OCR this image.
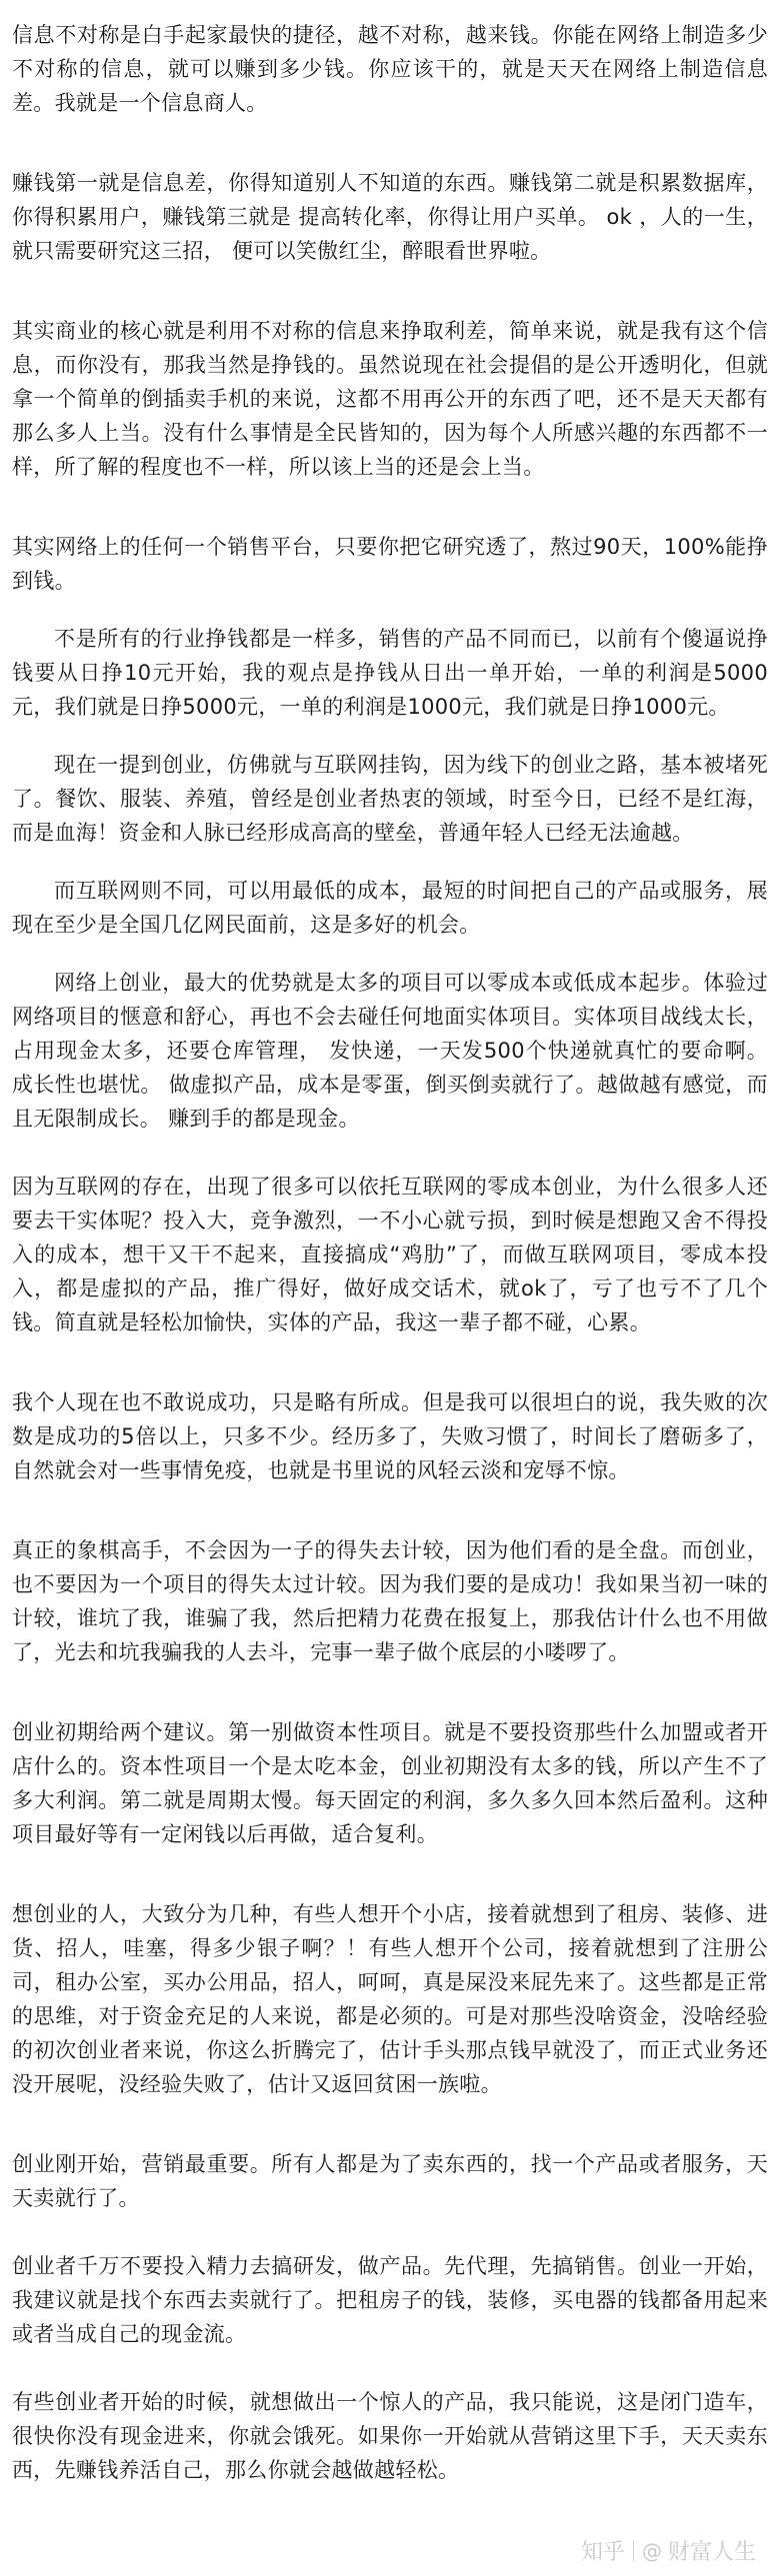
信息不对称是白手起家最快的捷径，越不对称，越来钱。你能在网络上制造多少不对称的信息，就可以赚到多少钱。你应该干的，就是天天在网络上制造信息差。我就是一个信息商人。

赚钱第一就是信息差，你得知道别人不知道的东西。赚钱第二就是积累数据库，你得积累用户，赚钱第三就是 提高转化率，你得让用户买单。 ok ，人的一生，就只需要研究这三招， 便可以笑傲红尘，醉眼看世界啦。

其实商业的核心就是利用不对称的信息来挣取利差，简单来说，就是我有这个信息，而你没有，那我当然是挣钱的。虽然说现在社会提倡的是公开透明化，但就拿一个简单的倒插卖手机的来说，这都不用再公开的东西了吧，还不是天天都有那么多人上当。没有什么事情是全民皆知的，因为每个人所感兴趣的东西都不一样，所了解的程度也不一样，所以该上当的还是会上当。

其实网络上的任何一个销售平台，只要你把它研究透了，熬过90天，100%能挣到钱。

不是所有的行业挣钱都是一样多，销售的产品不同而已，以前有个傻逼说挣钱要从日挣10元开始，我的观点是挣钱从日出一单开始，一单的利润是5000元，我们就是日挣5000元，一单的利润是1000元，我们就是日挣1000元。

现在一提到创业，仿佛就与互联网挂钩，因为线下的创业之路，基本被堵死了。餐饮、服装、养殖，曾经是创业者热衷的领域，时至今日，已经不是红海，而是血海！资金和人脉已经形成高高的壁垒，普通年轻人已经无法逾越。

而互联网则不同，可以用最低的成本，最短的时间把自己的产品或服务，展现在至少是全国几亿网民面前，这是多好的机会。

网络上创业，最大的优势就是太多的项目可以零成本或低成本起步。体验过网络项目的惬意和舒心，再也不会去碰任何地面实体项目。实体项目战线太长，占用现金太多，还要仓库管理， 发快递，一天发500个快递就真忙的要命啊。 成长性也堪忧。 做虚拟产品，成本是零蛋，倒买倒卖就行了。越做越有感觉，而且无限制成长。 赚到手的都是现金。

因为互联网的存在，出现了很多可以依托互联网的零成本创业，为什么很多人还要去干实体呢？投入大，竞争激烈，一不小心就亏损，到时候是想跑又舍不得投入的成本，想干又干不起来，直接搞成“鸡肋”了，而做互联网项目，零成本投入，都是虚拟的产品，推广得好，做好成交话术，就ok了，亏了也亏不了几个钱。简直就是轻松加愉快，实体的产品，我这一辈子都不碰，心累。

我个人现在也不敢说成功，只是略有所成。但是我可以很坦白的说，我失败的次数是成功的5倍以上，只多不少。经历多了，失败习惯了，时间长了磨砺多了，自然就会对一些事情免疫，也就是书里说的风轻云淡和宠辱不惊。

真正的象棋高手，不会因为一子的得失去计较，因为他们看的是全盘。而创业，也不要因为一个项目的得失太过计较。因为我们要的是成功！我如果当初一味的计较，谁坑了我，谁骗了我，然后把精力花费在报复上，那我估计什么也不用做了，光去和坑我骗我的人去斗，完事一辈子做个底层的小喽啰了。

创业初期给两个建议。第一别做资本性项目。就是不要投资那些什么加盟或者开店什么的。资本性项目一个是太吃本金，创业初期没有太多的钱，所以产生不了多大利润。第二就是周期太慢。每天固定的利润，多久多久回本然后盈利。这种项目最好等有一定闲钱以后再做，适合复利。

想创业的人，大致分为几种，有些人想开个小店，接着就想到了租房、装修、进货、招人，哇塞，得多少银子啊？！有些人想开个公司，接着就想到了注册公司，租办公室，买办公用品，招人，呵呵，真是屎没来屁先来了。这些都是正常的思维，对于资金充足的人来说，都是必须的。可是对那些没啥资金，没啥经验的初次创业者来说，你这么折腾完了，估计手头那点钱早就没了，而正式业务还没开展呢，没经验失败了，估计又返回贫困一族啦。

创业刚开始，营销最重要。所有人都是为了卖东西的，找一个产品或者服务，天天卖就行了。

创业者千万不要投入精力去搞研发，做产品。先代理，先搞销售。创业一开始，我建议就是找个东西去卖就行了。把租房子的钱，装修，买电器的钱都备用起来或者当成自己的现金流。

有些创业者开始的时候，就想做出一个惊人的产品，我只能说，这是闭门造车，很快你没有现金进来，你就会饿死。如果你一开始就从营销这里下手，天天卖东西，先赚钱养活自己，那么你就会越做越轻松。

知乎 @ 财富人生
